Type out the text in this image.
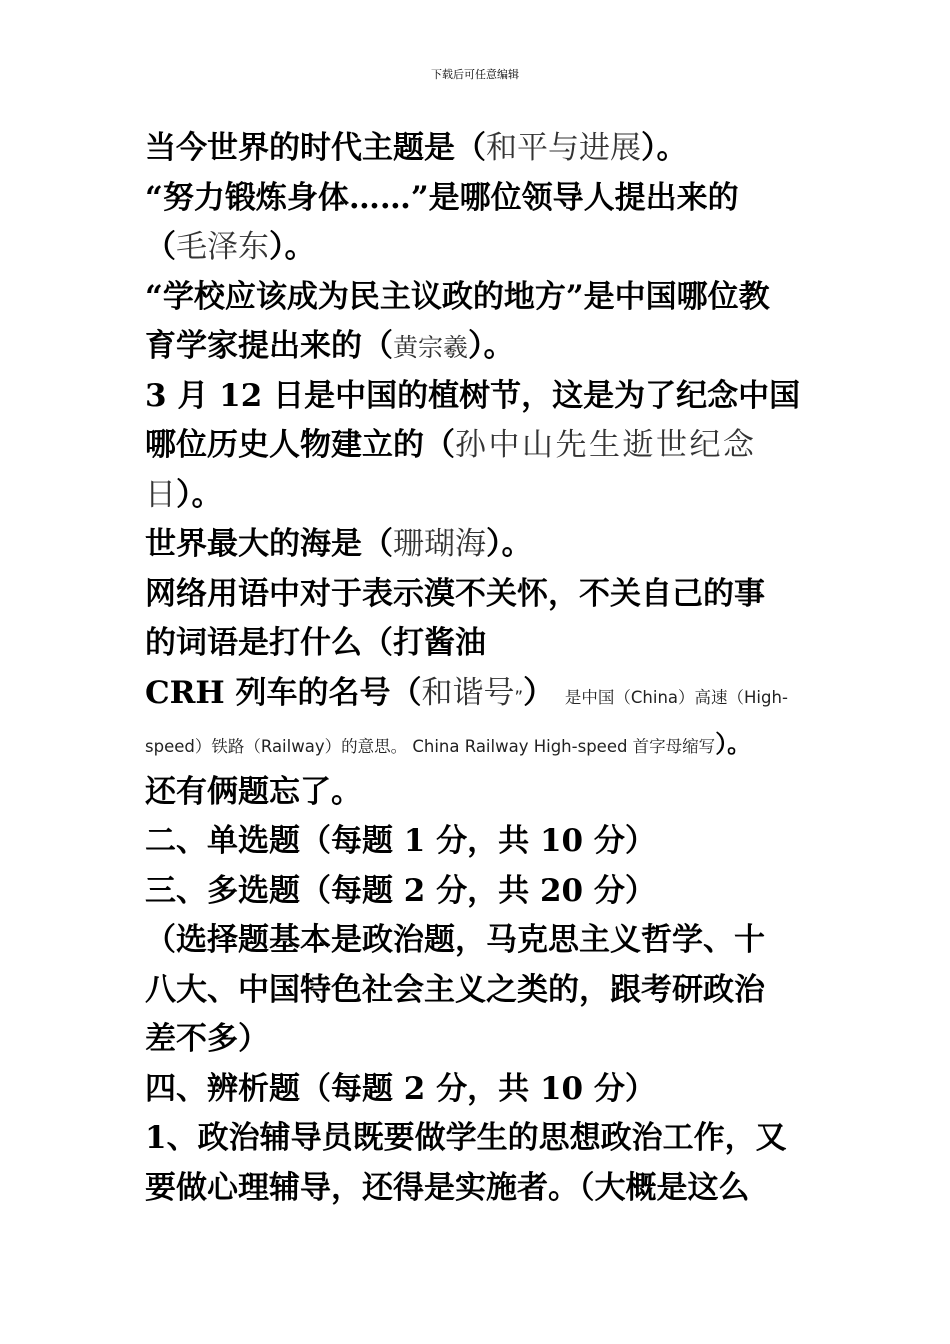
下载后可任意编辑
当今世界的时代主题是（和平与进展）。
“努力锻炼身体……”是哪位领导人提出来的
（毛泽东）。
“学校应该成为民主议政的地方”是中国哪位教
育学家提出来的（黄宗羲）。
3 月 12 日是中国的植树节，这是为了纪念中国
哪位历史人物建立的（孙中山先生逝世纪念
日）。
世界最大的海是（珊瑚海）。
网络用语中对于表示漠不关怀，不关自己的事
的词语是打什么（打酱油
CRH 列车的名号（和谐号”） 是中国（China）高速（High-
speed）铁路（Railway）的意思。 China Railway High-speed 首字母缩写）。
还有俩题忘了。
二、单选题（每题 1 分，共 10 分）
三、多选题（每题 2 分，共 20 分）
（选择题基本是政治题，马克思主义哲学、十
八大、中国特色社会主义之类的，跟考研政治
差不多）
四、辨析题（每题 2 分，共 10 分）
1、政治辅导员既要做学生的思想政治工作，又
要做心理辅导，还得是实施者。（大概是这么
